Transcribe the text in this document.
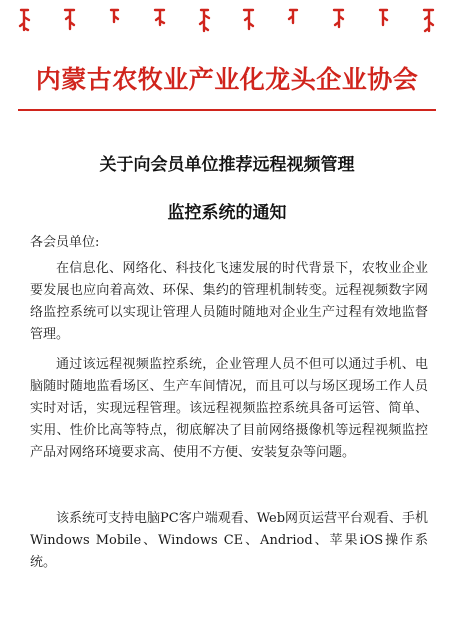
内蒙古农牧业产业化龙头企业协会
关于向会员单位推荐远程视频管理
监控系统的通知
各会员单位:

在信息化、网络化、科技化飞速发展的时代背景下，农牧业企业要发展也应向着高效、环保、集约的管理机制转变。远程视频数字网络监控系统可以实现让管理人员随时随地对企业生产过程有效地监督管理。

通过该远程视频监控系统，企业管理人员不但可以通过手机、电脑随时随地监看场区、生产车间情况，而且可以与场区现场工作人员实时对话，实现远程管理。该远程视频监控系统具备可运管、简单、实用、性价比高等特点，彻底解决了目前网络摄像机等远程视频监控产品对网络环境要求高、使用不方便、安装复杂等问题。

该系统可支持电脑PC客户端观看、Web网页运营平台观看、手机 Windows Mobile、Windows CE、Andriod、苹果iOS操作系统。
